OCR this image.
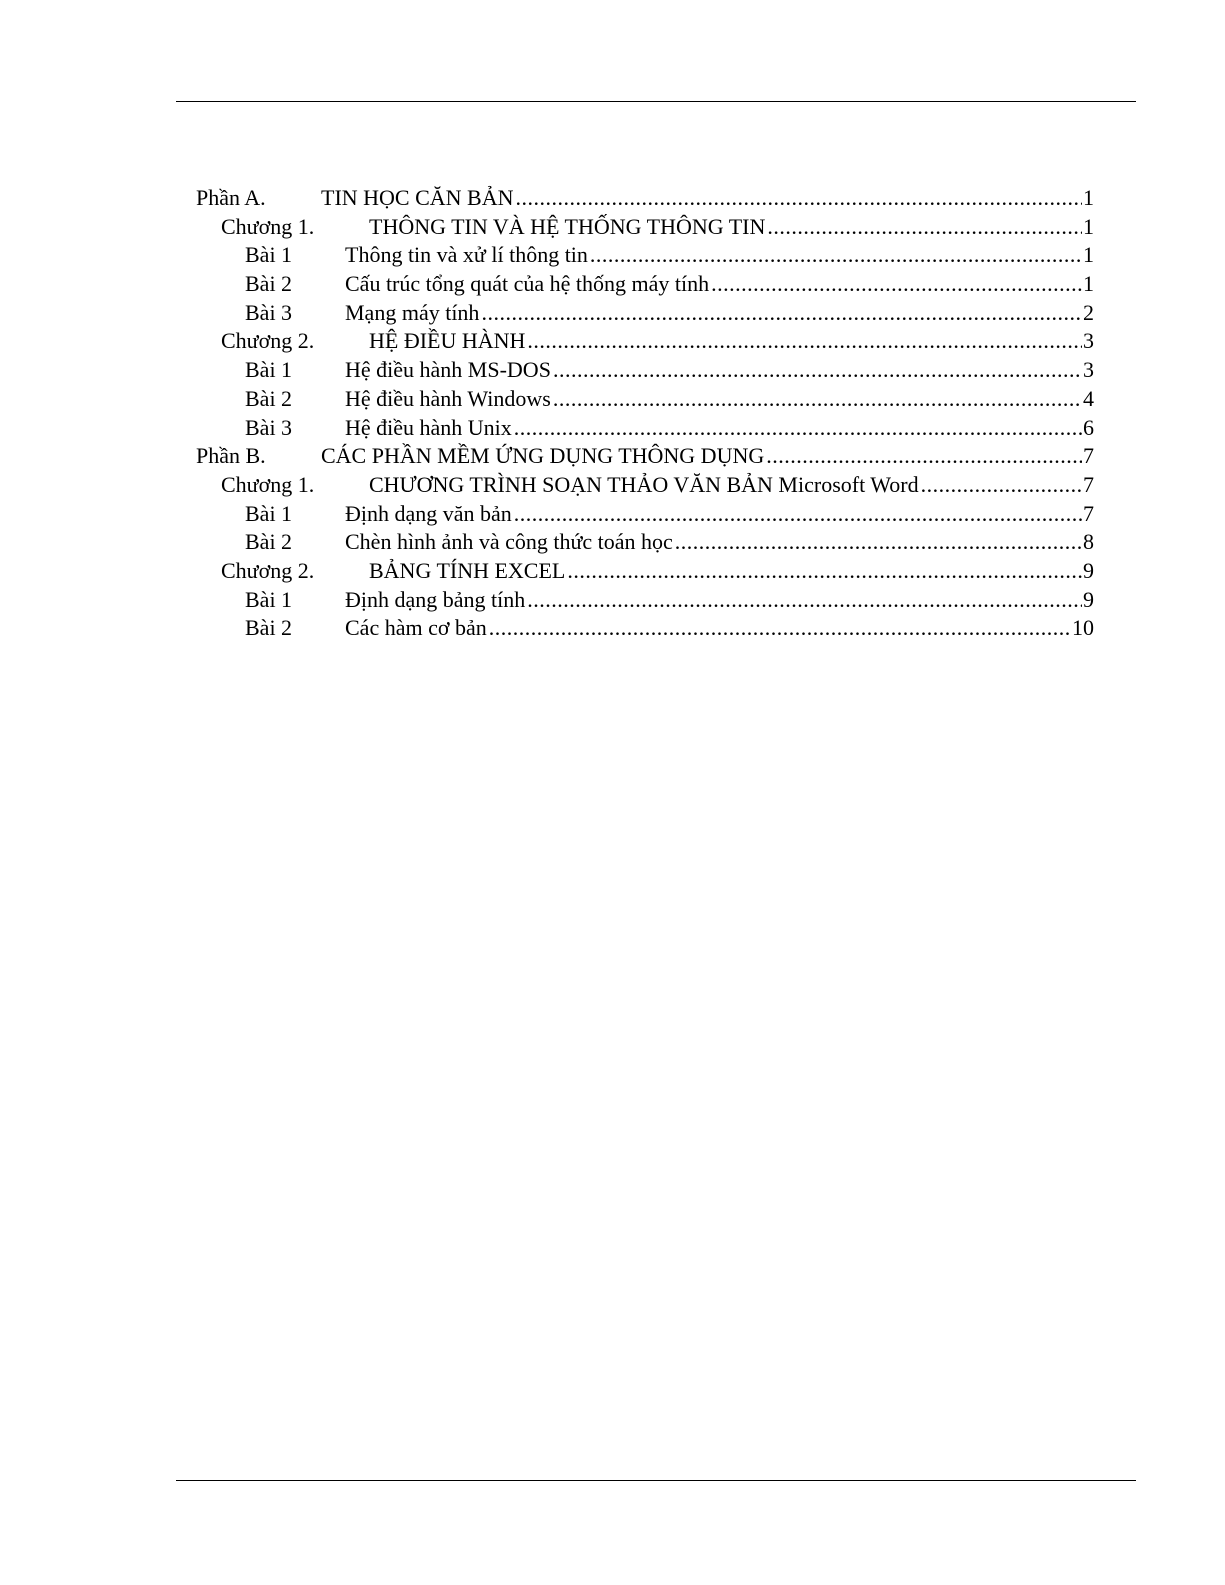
Phần A.	TIN HỌC CĂN BẢN .....	1
Chương 1.	THÔNG TIN VÀ HỆ THỐNG THÔNG TIN .....	1
Bài 1	Thông tin và xử lí thông tin .....	1
Bài 2	Cấu trúc tổng quát của hệ thống máy tính .....	1
Bài 3	Mạng máy tính .....	2
Chương 2.	HỆ ĐIỀU HÀNH .....	3
Bài 1	Hệ điều hành MS-DOS .....	3
Bài 2	Hệ điều hành Windows .....	4
Bài 3	Hệ điều hành Unix .....	6
Phần B.	CÁC PHẦN MỀM ỨNG DỤNG THÔNG DỤNG .....	7
Chương 1.	CHƯƠNG TRÌNH SOẠN THẢO VĂN BẢN Microsoft Word .....	7
Bài 1	Định dạng văn bản .....	7
Bài 2	Chèn hình ảnh và công thức toán học .....	8
Chương 2.	BẢNG TÍNH EXCEL .....	9
Bài 1	Định dạng bảng tính .....	9
Bài 2	Các hàm cơ bản .....	10
